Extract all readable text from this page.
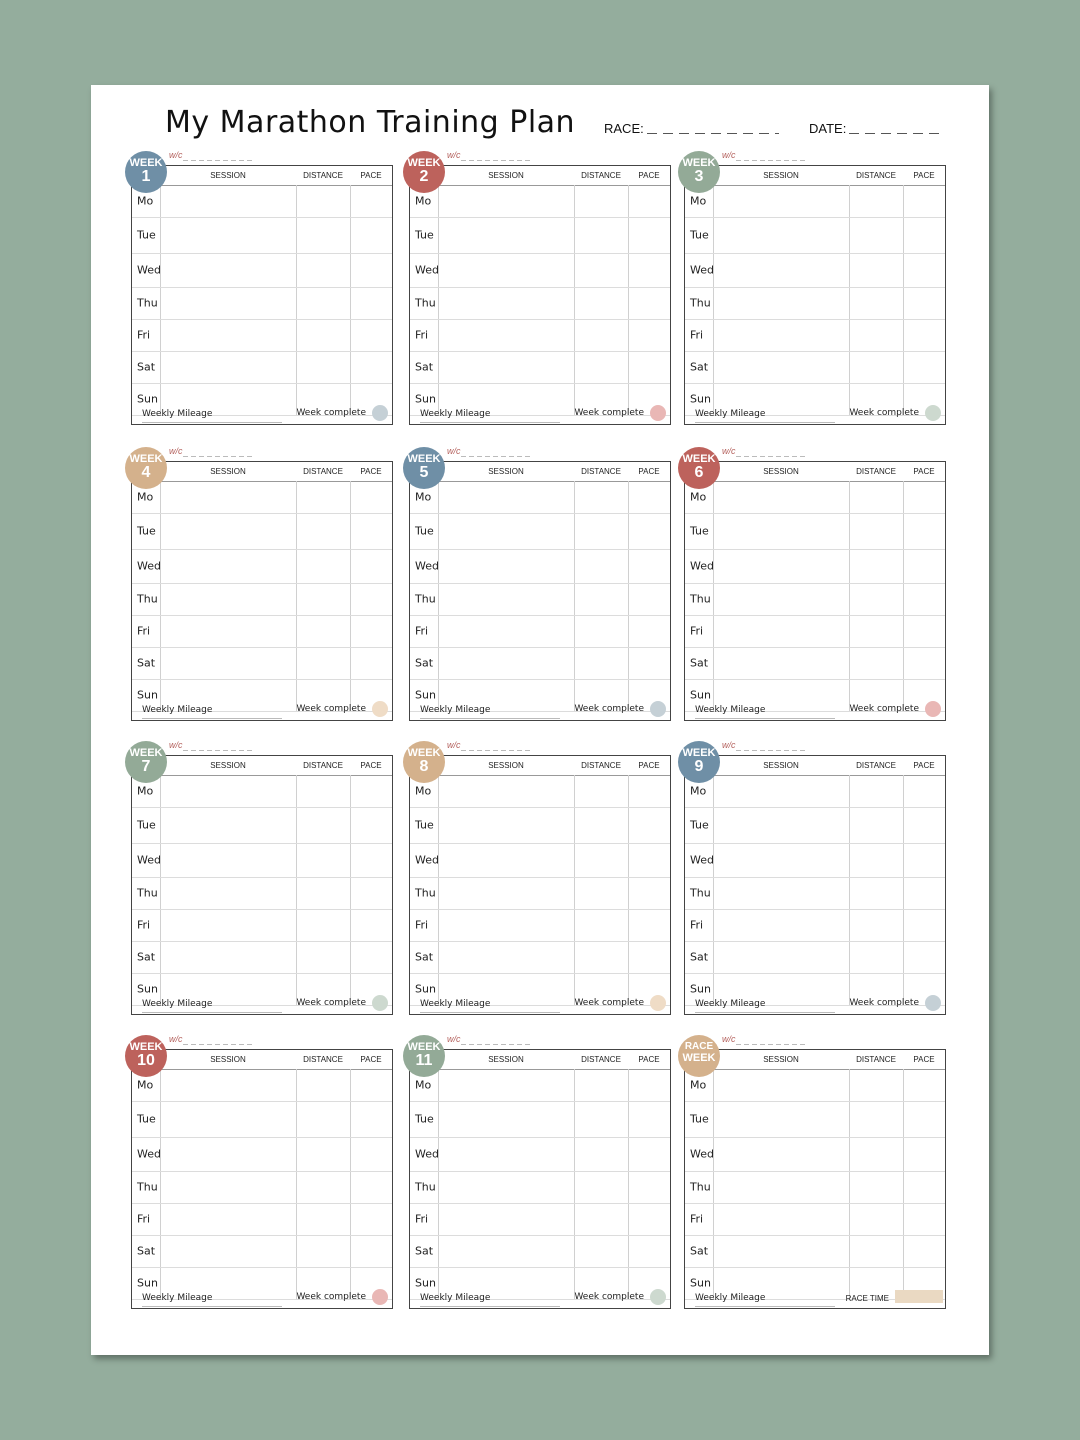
My Marathon Training Plan RACE:	DATE:
WEEK
1
w/c
SESSION	DISTANCE	PACE
Mo
Tue
Wed
Thu
Fri
Sat
Sun
Weekly Mileage	Week complete
WEEK
2
w/c
SESSION	DISTANCE	PACE
Mo
Tue
Wed
Thu
Fri
Sat
Sun
Weekly Mileage	Week complete
WEEK
3
w/c
SESSION	DISTANCE	PACE
Mo
Tue
Wed
Thu
Fri
Sat
Sun
Weekly Mileage	Week complete
WEEK
4
w/c
SESSION	DISTANCE	PACE
Mo
Tue
Wed
Thu
Fri
Sat
Sun
Weekly Mileage	Week complete
WEEK
5
w/c
SESSION	DISTANCE	PACE
Mo
Tue
Wed
Thu
Fri
Sat
Sun
Weekly Mileage	Week complete
WEEK
6
w/c
SESSION	DISTANCE	PACE
Mo
Tue
Wed
Thu
Fri
Sat
Sun
Weekly Mileage	Week complete
WEEK
7
w/c
SESSION	DISTANCE	PACE
Mo
Tue
Wed
Thu
Fri
Sat
Sun
Weekly Mileage	Week complete
WEEK
8
w/c
SESSION	DISTANCE	PACE
Mo
Tue
Wed
Thu
Fri
Sat
Sun
Weekly Mileage	Week complete
WEEK
9
w/c
SESSION	DISTANCE	PACE
Mo
Tue
Wed
Thu
Fri
Sat
Sun
Weekly Mileage	Week complete
WEEK
10
w/c
SESSION	DISTANCE	PACE
Mo
Tue
Wed
Thu
Fri
Sat
Sun
Weekly Mileage	Week complete
WEEK
11
w/c
SESSION	DISTANCE	PACE
Mo
Tue
Wed
Thu
Fri
Sat
Sun
Weekly Mileage	Week complete
RACE
WEEK
w/c
SESSION	DISTANCE	PACE
Mo
Tue
Wed
Thu
Fri
Sat
Sun
Weekly Mileage	RACE TIME
